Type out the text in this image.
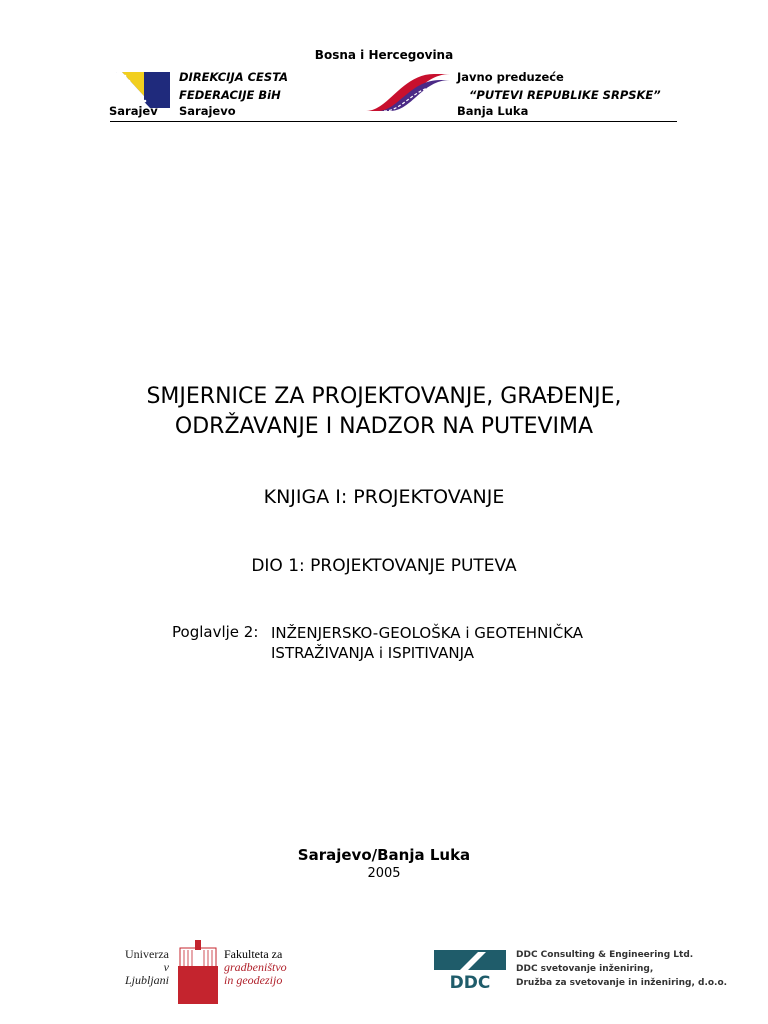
Bosna i Hercegovina
Sarajev
DIREKCIJA CESTA
FEDERACIJE BiH
Sarajevo
Javno preduzeće
“PUTEVI REPUBLIKE SRPSKE”
Banja Luka
SMJERNICE ZA PROJEKTOVANJE, GRAĐENJE,
ODRŽAVANJE I NADZOR NA PUTEVIMA
KNJIGA I: PROJEKTOVANJE
DIO 1: PROJEKTOVANJE PUTEVA
Poglavlje 2: INŽENJERSKO-GEOLOŠKA i GEOTEHNIČKA
ISTRAŽIVANJA i ISPITIVANJA
Sarajevo/Banja Luka
2005
Univerza
v Ljubljani
Fakulteta za
gradbeništvo
in geodezijo	DDC
DDC Consulting & Engineering Ltd.
DDC svetovanje inženiring,
Družba za svetovanje in inženiring, d.o.o.
